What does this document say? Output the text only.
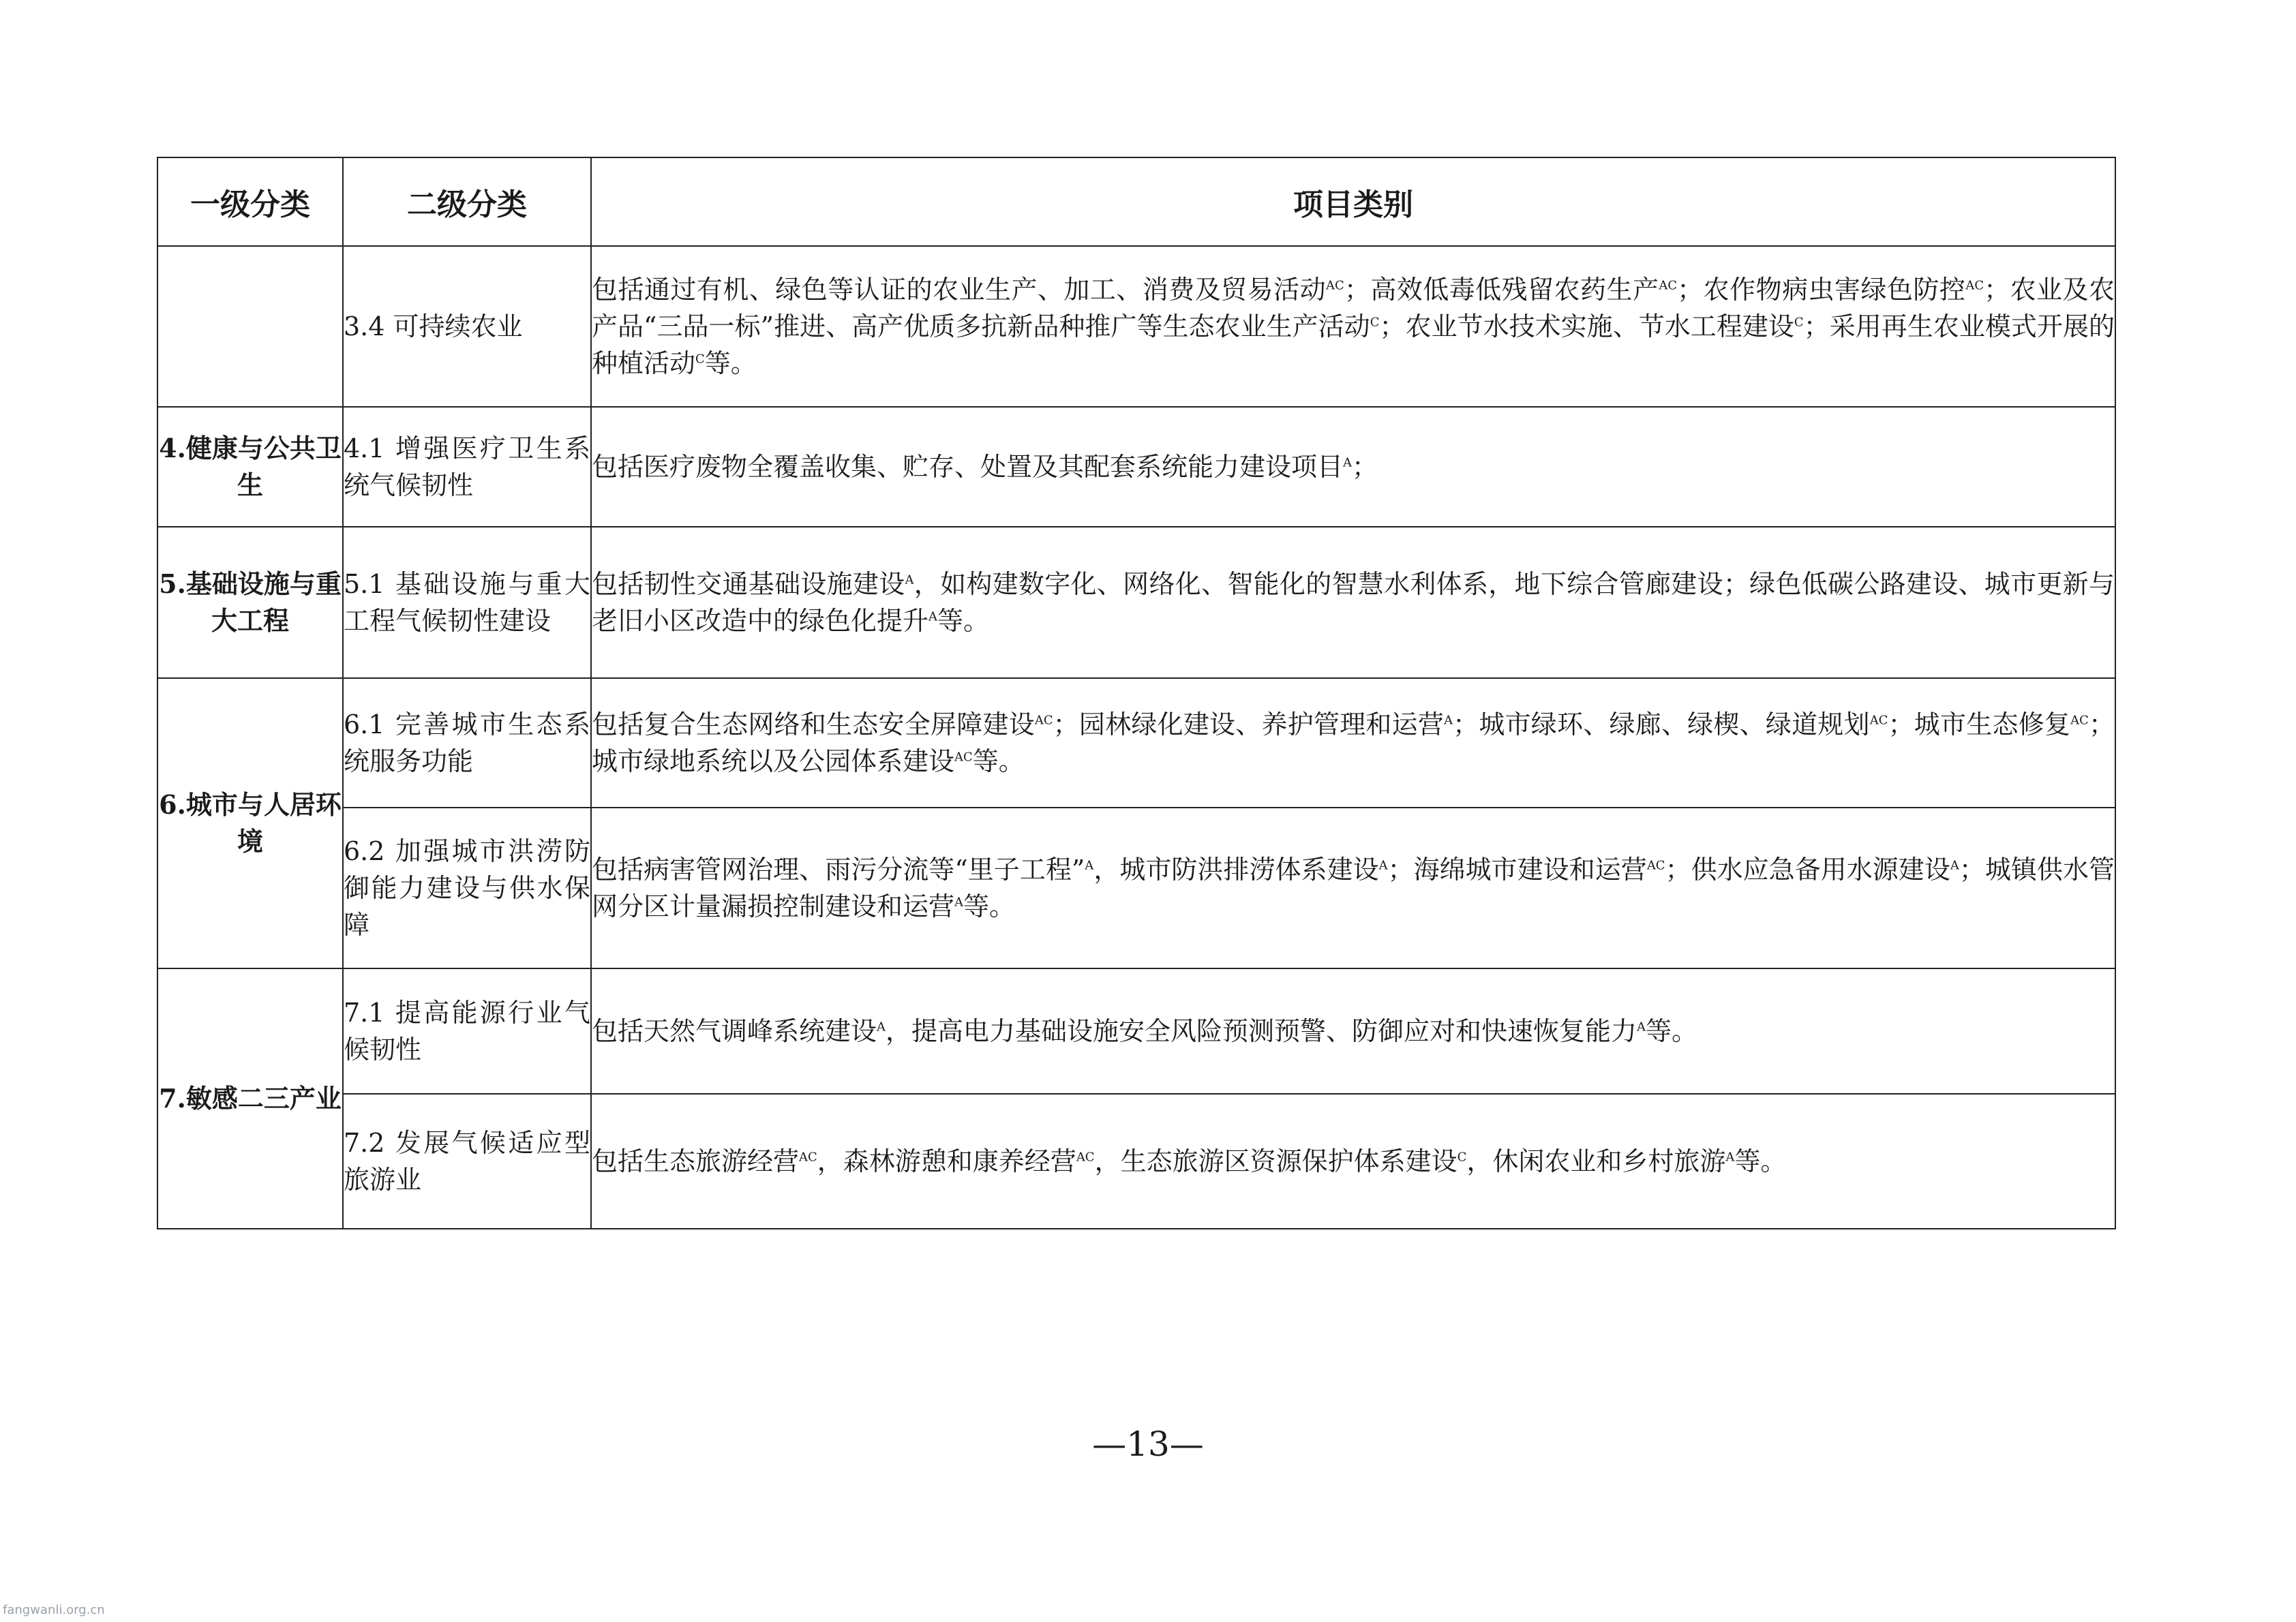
一级分类	二级分类	项目类别
	3.4 可持续农业	包括通过有机、绿色等认证的农业生产、加工、消费及贸易活动$^{AC}$；高效低毒低残留农药生产$^{AC}$；农作物病虫害绿色防控$^{AC}$；农业及农产品“三品一标”推进、高产优质多抗新品种推广等生态农业生产活动$^C$；农业节水技术实施、节水工程建设$^C$；采用再生农业模式开展的种植活动$^C$等。
4.健康与公共卫生	4.1 增强医疗卫生系统气候韧性	包括医疗废物全覆盖收集、贮存、处置及其配套系统能力建设项目$^A$；
5.基础设施与重大工程	5.1 基础设施与重大工程气候韧性建设	包括韧性交通基础设施建设$^A$，如构建数字化、网络化、智能化的智慧水利体系，地下综合管廊建设；绿色低碳公路建设、城市更新与老旧小区改造中的绿色化提升$^A$等。
6.城市与人居环境	6.1 完善城市生态系统服务功能	包括复合生态网络和生态安全屏障建设$^{AC}$；园林绿化建设、养护管理和运营$^A$；城市绿环、绿廊、绿楔、绿道规划$^{AC}$；城市生态修复$^{AC}$；城市绿地系统以及公园体系建设$^{AC}$等。
	6.2 加强城市洪涝防御能力建设与供水保障	包括病害管网治理、雨污分流等“里子工程”$^A$，城市防洪排涝体系建设$^A$；海绵城市建设和运营$^{AC}$；供水应急备用水源建设$^A$；城镇供水管网分区计量漏损控制建设和运营$^A$等。
7.敏感二三产业	7.1 提高能源行业气候韧性	包括天然气调峰系统建设$^A$，提高电力基础设施安全风险预测预警、防御应对和快速恢复能力$^A$等。
	7.2 发展气候适应型旅游业	包括生态旅游经营$^{AC}$，森林游憩和康养经营$^{AC}$，生态旅游区资源保护体系建设$^C$，休闲农业和乡村旅游$^A$等。
—13—
fangwanli.org.cn
